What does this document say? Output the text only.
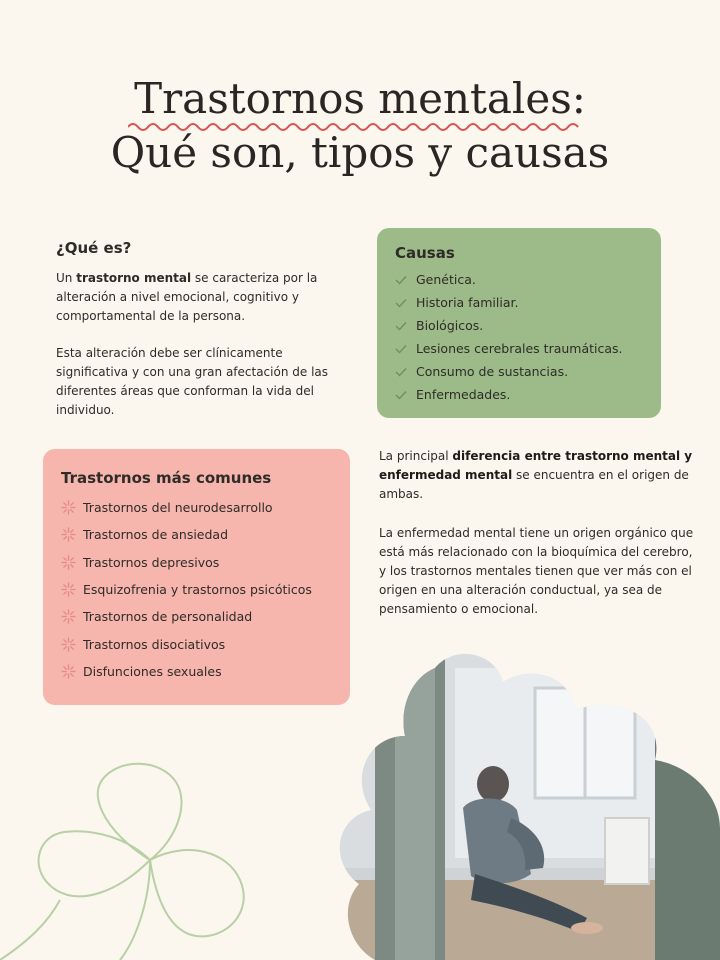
Trastornos mentales:
Qué son, tipos y causas
¿Qué es?

Un trastorno mental se caracteriza por la alteración a nivel emocional, cognitivo y comportamental de la persona.

Esta alteración debe ser clínicamente significativa y con una gran afectación de las diferentes áreas que conforman la vida del individuo.

Causas
Genética.
Historia familiar.
Biológicos.
Lesiones cerebrales traumáticas.
Consumo de sustancias.
Enfermedades.
Trastornos más comunes
Trastornos del neurodesarrollo
Trastornos de ansiedad
Trastornos depresivos
Esquizofrenia y trastornos psicóticos
Trastornos de personalidad
Trastornos disociativos
Disfunciones sexuales

La principal diferencia entre trastorno mental y enfermedad mental se encuentra en el origen de ambas.

La enfermedad mental tiene un origen orgánico que está más relacionado con la bioquímica del cerebro, y los trastornos mentales tienen que ver más con el origen en una alteración conductual, ya sea de pensamiento o emocional.
